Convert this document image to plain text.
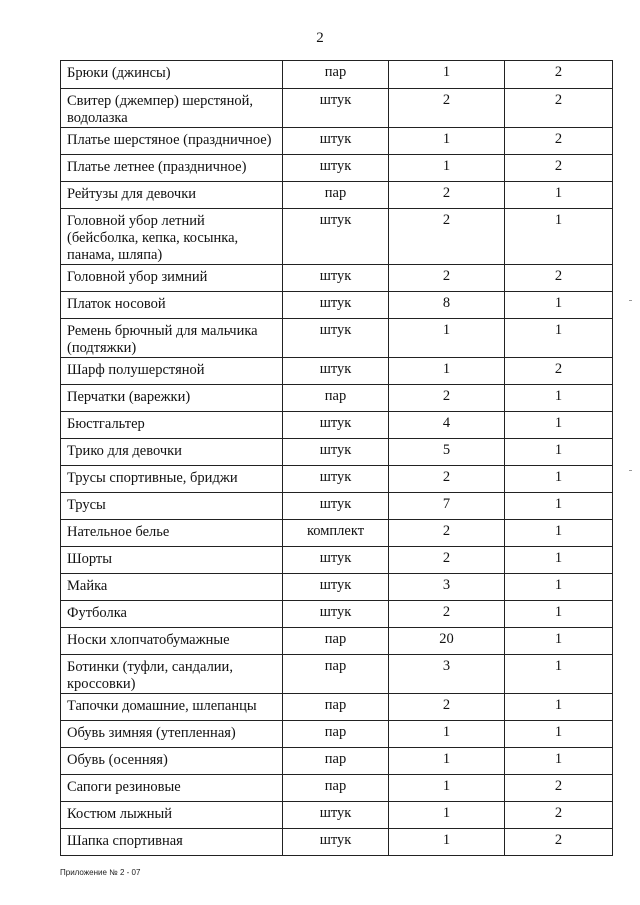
2
Брюки (джинсы)	пар	1	2
Свитер (джемпер) шерстяной, водолазка	штук	2	2
Платье шерстяное (праздничное)	штук	1	2
Платье летнее (праздничное)	штук	1	2
Рейтузы для девочки	пар	2	1
Головной убор летний (бейсболка, кепка, косынка, панама, шляпа)	штук	2	1
Головной убор зимний	штук	2	2
Платок носовой	штук	8	1
Ремень брючный для мальчика (подтяжки)	штук	1	1
Шарф полушерстяной	штук	1	2
Перчатки (варежки)	пар	2	1
Бюстгальтер	штук	4	1
Трико для девочки	штук	5	1
Трусы спортивные, бриджи	штук	2	1
Трусы	штук	7	1
Нательное белье	комплект	2	1
Шорты	штук	2	1
Майка	штук	3	1
Футболка	штук	2	1
Носки хлопчатобумажные	пар	20	1
Ботинки (туфли, сандалии, кроссовки)	пар	3	1
Тапочки домашние, шлепанцы	пар	2	1
Обувь зимняя (утепленная)	пар	1	1
Обувь (осенняя)	пар	1	1
Сапоги резиновые	пар	1	2
Костюм лыжный	штук	1	2
Шапка спортивная	штук	1	2
Приложение № 2 - 07
